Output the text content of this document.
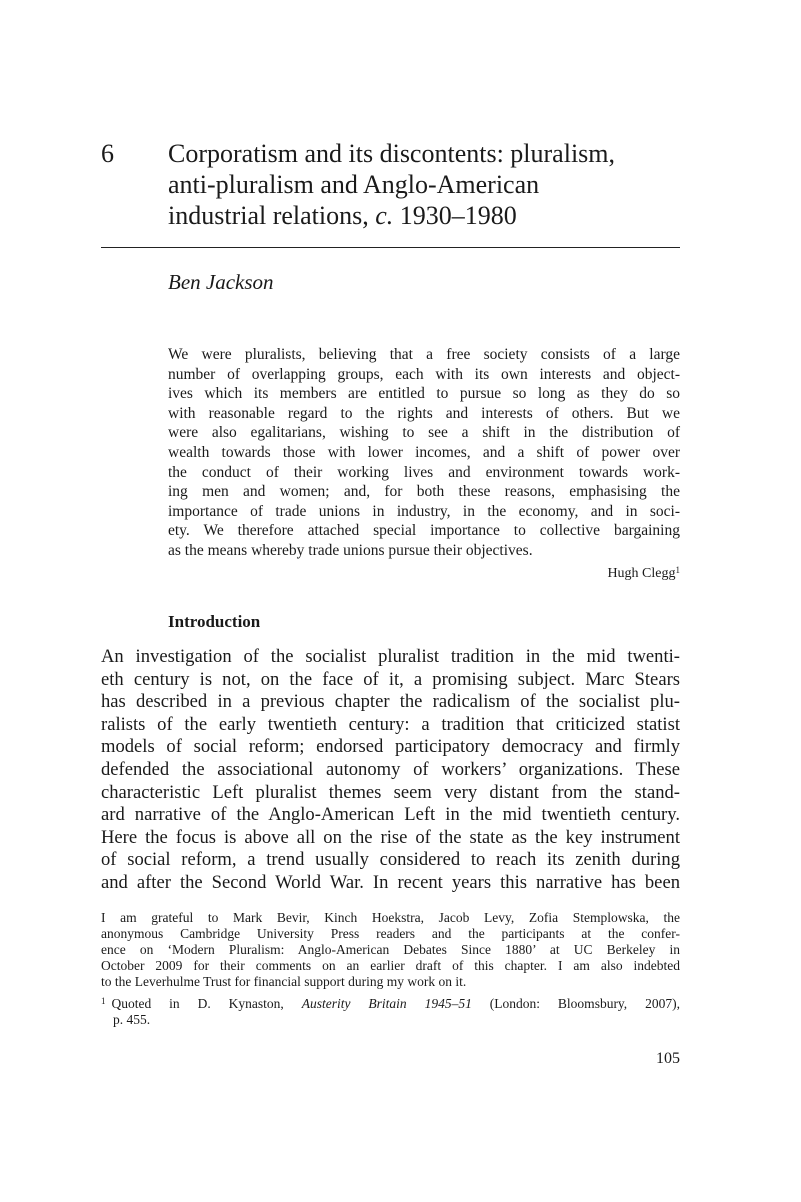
6 Corporatism and its discontents: pluralism,
anti-pluralism and Anglo-American
industrial relations, c. 1930–1980
Ben Jackson
We were pluralists, believing that a free society consists of a large
number of overlapping groups, each with its own interests and object-
ives which its members are entitled to pursue so long as they do so
with reasonable regard to the rights and interests of others. But we
were also egalitarians, wishing to see a shift in the distribution of
wealth towards those with lower incomes, and a shift of power over
the conduct of their working lives and environment towards work-
ing men and women; and, for both these reasons, emphasising the
importance of trade unions in industry, in the economy, and in soci-
ety. We therefore attached special importance to collective bargaining
as the means whereby trade unions pursue their objectives.
Hugh Clegg$^1$
Introduction
An investigation of the socialist pluralist tradition in the mid twenti-
eth century is not, on the face of it, a promising subject. Marc Stears
has described in a previous chapter the radicalism of the socialist plu-
ralists of the early twentieth century: a tradition that criticized statist
models of social reform; endorsed participatory democracy and firmly
defended the associational autonomy of workers’ organizations. These
characteristic Left pluralist themes seem very distant from the stand-
ard narrative of the Anglo-American Left in the mid twentieth century.
Here the focus is above all on the rise of the state as the key instrument
of social reform, a trend usually considered to reach its zenith during
and after the Second World War. In recent years this narrative has been
I am grateful to Mark Bevir, Kinch Hoekstra, Jacob Levy, Zofia Stemplowska, the
anonymous Cambridge University Press readers and the participants at the confer-
ence on ‘Modern Pluralism: Anglo-American Debates Since 1880’ at UC Berkeley in
October 2009 for their comments on an earlier draft of this chapter. I am also indebted
to the Leverhulme Trust for financial support during my work on it.
$^1$ Quoted in D. Kynaston, Austerity Britain 1945–51 (London: Bloomsbury, 2007),
p. 455.
105
